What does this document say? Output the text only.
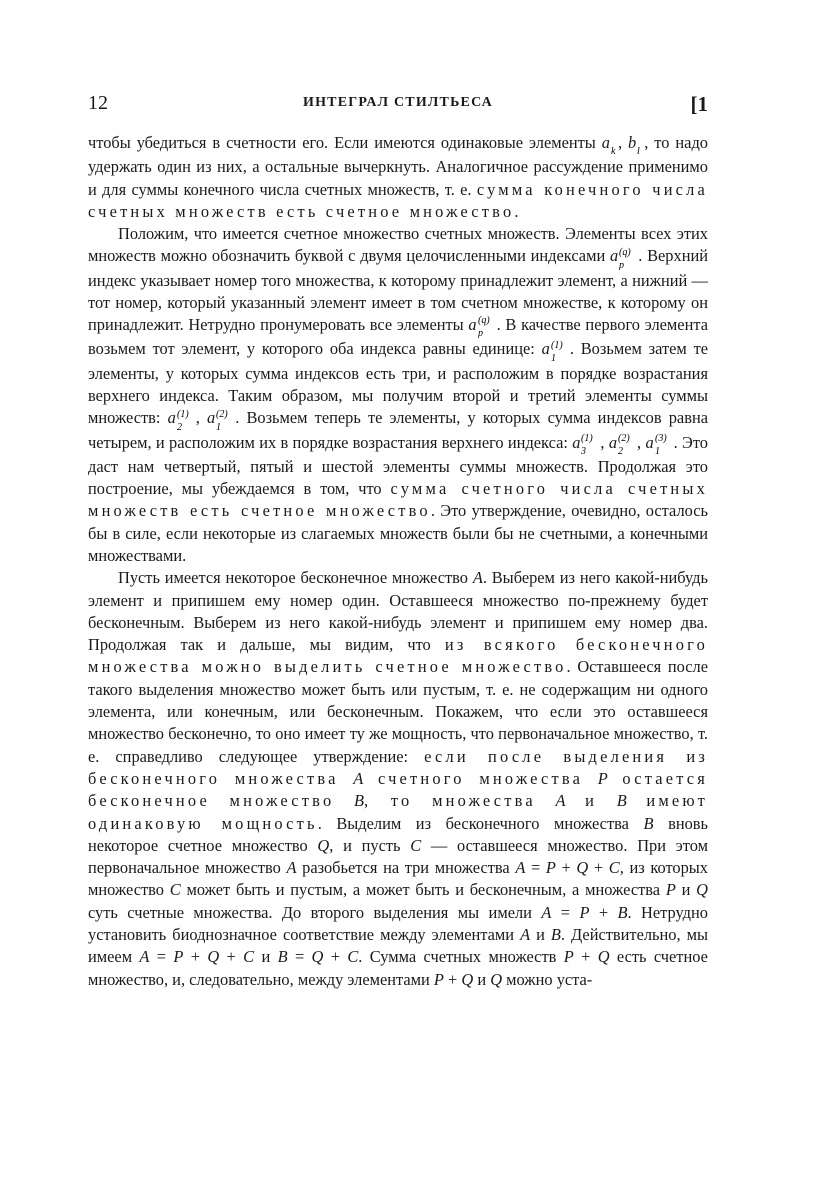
12	ИНТЕГРАЛ СТИЛТЬЕСА	[1

чтобы убедиться в счетности его. Если имеются одинаковые элементы a k , b l , то надо удержать один из них, а остальные вычеркнуть. Аналогичное рассуждение применимо и для суммы конечного числа счетных множеств, т. е. сумма конечного числа счетных множеств есть счетное множество.

Положим, что имеется счетное множество счетных множеств. Элементы всех этих множеств можно обозначить буквой с двумя целочисленными индексами a (q)
p . Верхний индекс указывает номер того множества, к которому принадлежит элемент, а нижний — тот номер, который указанный элемент имеет в том счетном множестве, к которому он принадлежит. Нетрудно пронумеровать все элементы a (q)
p . В качестве первого элемента возьмем тот элемент, у которого оба индекса равны единице: a (1)
1 . Возьмем затем те элементы, у которых сумма индексов есть три, и расположим в порядке возрастания верхнего индекса. Таким образом, мы получим второй и третий элементы суммы множеств: a (1)
2 , a (2)
1 . Возьмем теперь те элементы, у которых сумма индексов равна четырем, и расположим их в порядке возрастания верхнего индекса: a (1)
3 , a (2)
2 , a (3)
1 . Это даст нам четвертый, пятый и шестой элементы суммы множеств. Продолжая это построение, мы убеждаемся в том, что сумма счетного числа счетных множеств есть счетное множество. Это утверждение, очевидно, осталось бы в силе, если некоторые из слагаемых множеств были бы не счетными, а конечными множествами.

Пусть имеется некоторое бесконечное множество A. Выберем из него какой-нибудь элемент и припишем ему номер один. Оставшееся множество по-прежнему будет бесконечным. Выберем из него какой-нибудь элемент и припишем ему номер два. Продолжая так и дальше, мы видим, что из всякого бесконечного множества можно выделить счетное множество. Оставшееся после такого выделения множество может быть или пустым, т. е. не содержащим ни одного элемента, или конечным, или бесконечным. Покажем, что если это оставшееся множество бесконечно, то оно имеет ту же мощность, что первоначальное множество, т. е. справедливо следующее утверждение: если после выделения из бесконечного множества A счетного множества P остается бесконечное множество B, то множества A и B имеют одинаковую мощность. Выделим из бесконечного множества B вновь некоторое счетное множество Q, и пусть C — оставшееся множество. При этом первоначальное множество A разобьется на три множества A = P + Q + C, из которых множество C может быть и пустым, а может быть и бесконечным, а множества P и Q суть счетные множества. До второго выделения мы имели A = P + B. Нетрудно установить биоднозначное соответствие между элементами A и B. Действительно, мы имеем A = P + Q + C и B = Q + C. Сумма счетных множеств P + Q есть счетное множество, и, следовательно, между элементами P + Q и Q можно уста-
